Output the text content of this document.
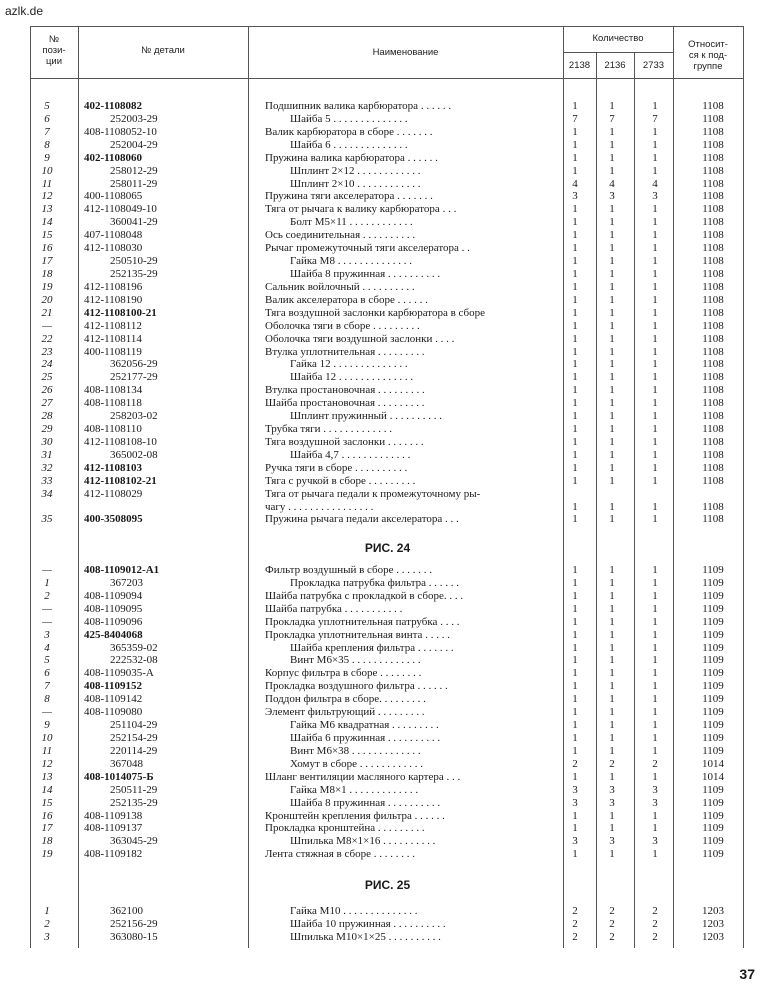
azlk.de
№
пози-
ции
№ детали	Наименование
Количество
2138	2136	2733
Относит-
ся к под-
группе
5	402-1108082	Подшипник валика карбюратора . . . . . .	1	1	1	1108
6	252003-29	Шайба 5 . . . . . . . . . . . . . .	7	7	7	1108
7	408-1108052-10	Валик карбюратора в сборе . . . . . . .	1	1	1	1108
8	252004-29	Шайба 6 . . . . . . . . . . . . . .	1	1	1	1108
9	402-1108060	Пружина валика карбюратора . . . . . .	1	1	1	1108
10	258012-29	Шплинт 2×12 . . . . . . . . . . . .	1	1	1	1108
11	258011-29	Шплинт 2×10 . . . . . . . . . . . .	4	4	4	1108
12	400-1108065	Пружина тяги акселератора . . . . . . .	3	3	3	1108
13	412-1108049-10	Тяга от рычага к валику карбюратора . . .	1	1	1	1108
14	360041-29	Болт M5×11 . . . . . . . . . . . .	1	1	1	1108
15	407-1108048	Ось соединительная . . . . . . . . . .	1	1	1	1108
16	412-1108030	Рычаг промежуточный тяги акселератора . .	1	1	1	1108
17	250510-29	Гайка M8 . . . . . . . . . . . . . .	1	1	1	1108
18	252135-29	Шайба 8 пружинная . . . . . . . . . .	1	1	1	1108
19	412-1108196	Сальник войлочный . . . . . . . . . .	1	1	1	1108
20	412-1108190	Валик акселератора в сборе . . . . . .	1	1	1	1108
21	412-1108100-21	Тяга воздушной заслонки карбюратора в сборе	1	1	1	1108
—	412-1108112	Оболочка тяги в сборе . . . . . . . . .	1	1	1	1108
22	412-1108114	Оболочка тяги воздушной заслонки . . . .	1	1	1	1108
23	400-1108119	Втулка уплотнительная . . . . . . . . .	1	1	1	1108
24	362056-29	Гайка 12 . . . . . . . . . . . . . .	1	1	1	1108
25	252177-29	Шайба 12 . . . . . . . . . . . . . .	1	1	1	1108
26	408-1108134	Втулка простановочная . . . . . . . . .	1	1	1	1108
27	408-1108118	Шайба простановочная . . . . . . . . .	1	1	1	1108
28	258203-02	Шплинт пружинный . . . . . . . . . .	1	1	1	1108
29	408-1108110	Трубка тяги . . . . . . . . . . . . .	1	1	1	1108
30	412-1108108-10	Тяга воздушной заслонки . . . . . . .	1	1	1	1108
31	365002-08	Шайба 4,7 . . . . . . . . . . . . .	1	1	1	1108
32	412-1108103	Ручка тяги в сборе . . . . . . . . . .	1	1	1	1108
33	412-1108102-21	Тяга с ручкой в сборе . . . . . . . . .	1	1	1	1108
34	412-1108029	Тяга от рычага педали к промежуточному ры-
чагу . . . . . . . . . . . . . . . .	1	1	1	1108
35	400-3508095	Пружина рычага педали акселератора . . .	1	1	1	1108
РИС. 24
—	408-1109012-А1	Фильтр воздушный в сборе . . . . . . .	1	1	1	1109
1	367203	Прокладка патрубка фильтра . . . . . .	1	1	1	1109
2	408-1109094	Шайба патрубка с прокладкой в сборе. . . .	1	1	1	1109
—	408-1109095	Шайба патрубка . . . . . . . . . . .	1	1	1	1109
—	408-1109096	Прокладка уплотнительная патрубка . . . .	1	1	1	1109
3	425-8404068	Прокладка уплотнительная винта . . . . .	1	1	1	1109
4	365359-02	Шайба крепления фильтра . . . . . . .	1	1	1	1109
5	222532-08	Винт M6×35 . . . . . . . . . . . . .	1	1	1	1109
6	408-1109035-А	Корпус фильтра в сборе . . . . . . . .	1	1	1	1109
7	408-1109152	Прокладка воздушного фильтра . . . . . .	1	1	1	1109
8	408-1109142	Поддон фильтра в сборе. . . . . . . . .	1	1	1	1109
—	408-1109080	Элемент фильтрующий . . . . . . . . .	1	1	1	1109
9	251104-29	Гайка M6 квадратная . . . . . . . . .	1	1	1	1109
10	252154-29	Шайба 6 пружинная . . . . . . . . . .	1	1	1	1109
11	220114-29	Винт M6×38 . . . . . . . . . . . . .	1	1	1	1109
12	367048	Хомут в сборе . . . . . . . . . . . .	2	2	2	1014
13	408-1014075-Б	Шланг вентиляции масляного картера . . .	1	1	1	1014
14	250511-29	Гайка M8×1 . . . . . . . . . . . . .	3	3	3	1109
15	252135-29	Шайба 8 пружинная . . . . . . . . . .	3	3	3	1109
16	408-1109138	Кронштейн крепления фильтра . . . . . .	1	1	1	1109
17	408-1109137	Прокладка кронштейна . . . . . . . . .	1	1	1	1109
18	363045-29	Шпилька M8×1×16 . . . . . . . . . .	3	3	3	1109
19	408-1109182	Лента стяжная в сборе . . . . . . . .	1	1	1	1109
РИС. 25
1	362100	Гайка M10 . . . . . . . . . . . . . .	2	2	2	1203
2	252156-29	Шайба 10 пружинная . . . . . . . . . .	2	2	2	1203
3	363080-15	Шпилька M10×1×25 . . . . . . . . . .	2	2	2	1203
37
